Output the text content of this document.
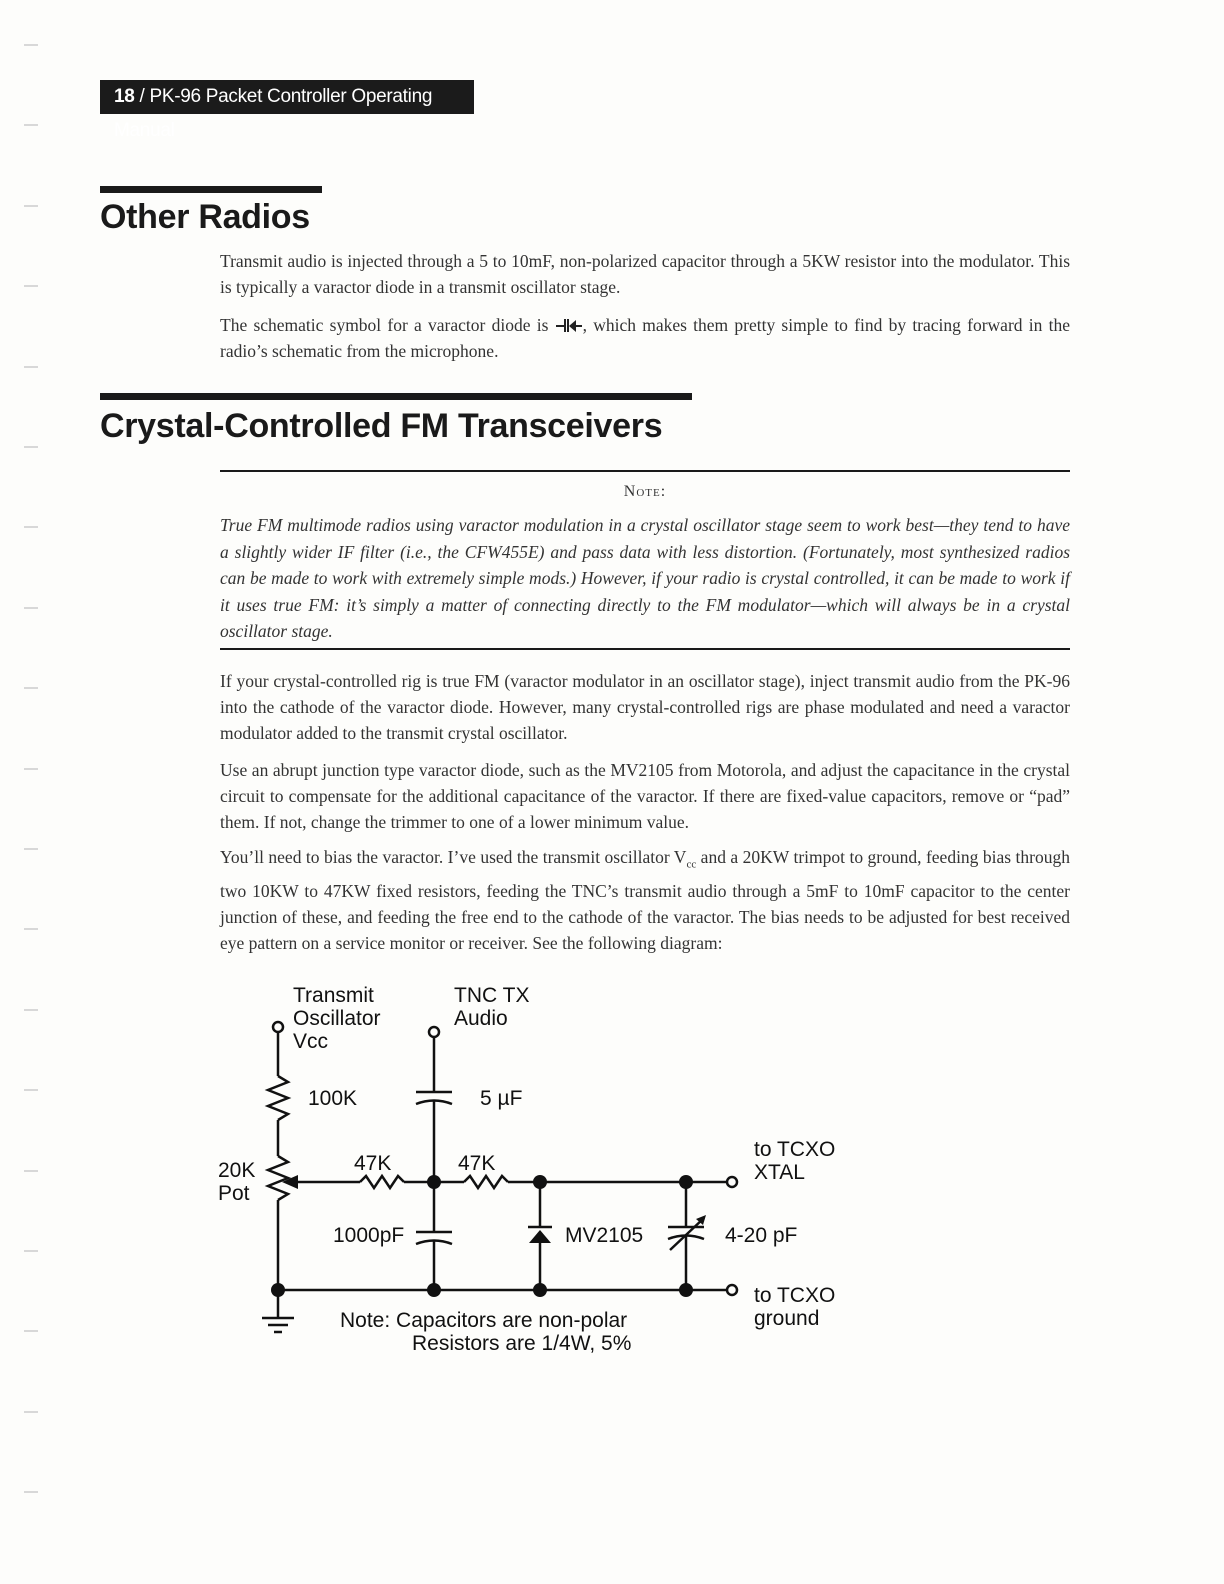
18 / PK-96 Packet Controller Operating Manual
Other Radios

Transmit audio is injected through a 5 to 10mF, non-polarized capacitor through a 5KW resistor into the modulator. This is typically a varactor diode in a transmit oscillator stage.

The schematic symbol for a varactor diode is , which makes them pretty simple to find by tracing forward in the radio’s schematic from the microphone.

Crystal-Controlled FM Transceivers
Note:

True FM multimode radios using varactor modulation in a crystal oscillator stage seem to work best—they tend to have a slightly wider IF filter (i.e., the CFW455E) and pass data with less distortion. (Fortunately, most synthesized radios can be made to work with extremely simple mods.) However, if your radio is crystal controlled, it can be made to work if it uses true FM: it’s simply a matter of connecting directly to the FM modulator—which will always be in a crystal oscillator stage.

If your crystal-controlled rig is true FM (varactor modulator in an oscillator stage), inject transmit audio from the PK-96 into the cathode of the varactor diode. However, many crystal-controlled rigs are phase modulated and need a varactor modulator added to the transmit crystal oscillator.

Use an abrupt junction type varactor diode, such as the MV2105 from Motorola, and adjust the capacitance in the crystal circuit to compensate for the additional capacitance of the varactor. If there are fixed-value capacitors, remove or “pad” them. If not, change the trimmer to one of a lower minimum value.

You’ll need to bias the varactor. I’ve used the transmit oscillator $V_{cc}$ and a 20KW trimpot to ground, feeding bias through two 10KW to 47KW fixed resistors, feeding the TNC’s transmit audio through a 5mF to 10mF capacitor to the center junction of these, and feeding the free end to the cathode of the varactor. The bias needs to be adjusted for best received eye pattern on a service monitor or receiver. See the following diagram:

Transmit
Oscillator
Vcc
TNC TX
Audio
100K	5 µF
20K
Pot
47K	47K
1000pF	MV2105	4-20 pF
to TCXO
XTAL
to TCXO
ground
Note: Capacitors are non-polar
Resistors are 1/4W, 5%
